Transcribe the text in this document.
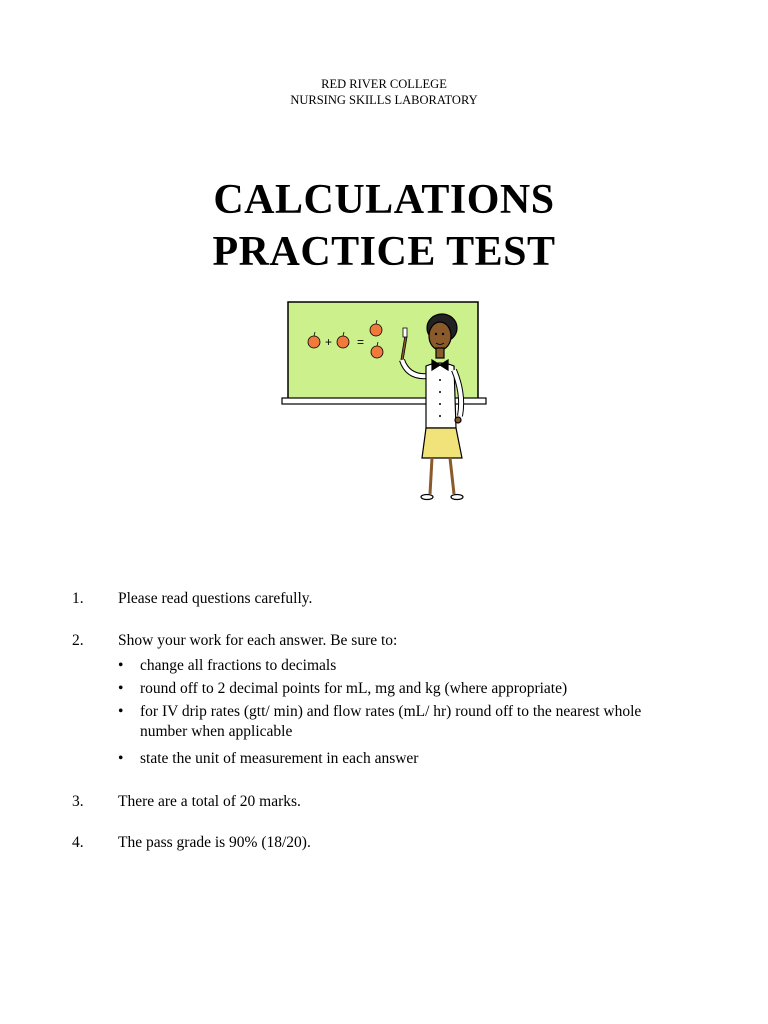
RED RIVER COLLEGE
NURSING SKILLS LABORATORY
CALCULATIONS
PRACTICE TEST
+ =
1. Please read questions carefully.
2. Show your work for each answer. Be sure to:
• change all fractions to decimals
• round off to 2 decimal points for mL, mg and kg (where appropriate)
• for IV drip rates (gtt/ min) and flow rates (mL/ hr) round off to the nearest whole number when applicable
• state the unit of measurement in each answer
3. There are a total of 20 marks.
4. The pass grade is 90% (18/20).
